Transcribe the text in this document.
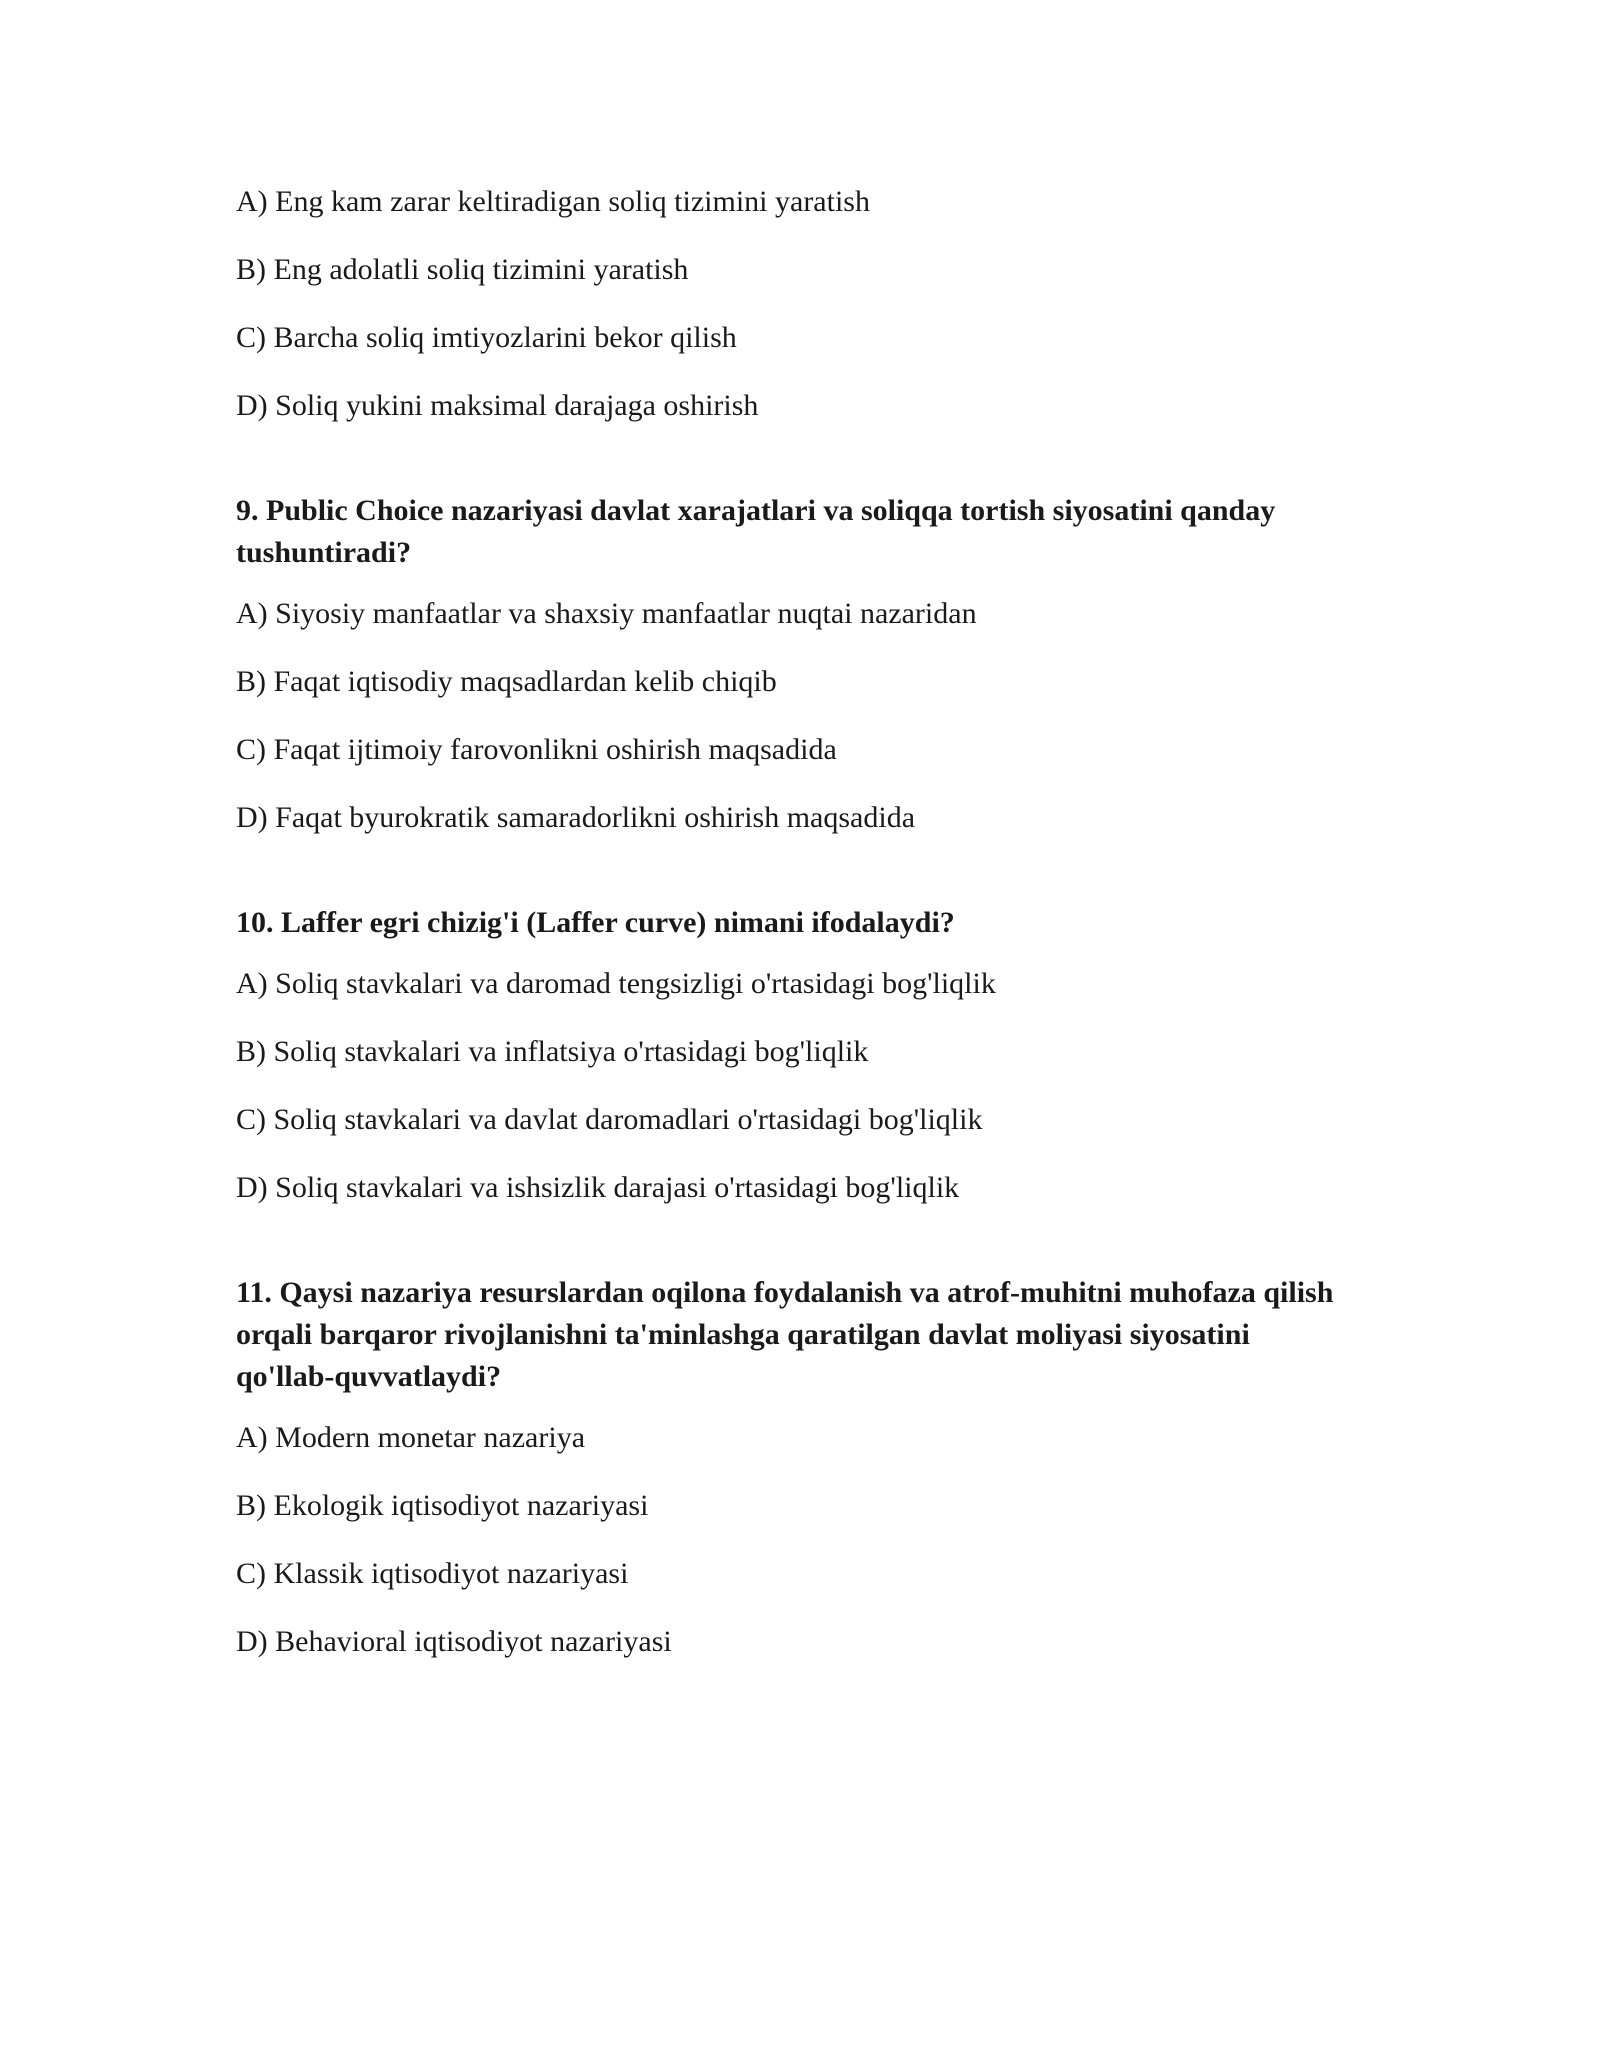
A) Eng kam zarar keltiradigan soliq tizimini yaratish
B) Eng adolatli soliq tizimini yaratish
C) Barcha soliq imtiyozlarini bekor qilish
D) Soliq yukini maksimal darajaga oshirish
9. Public Choice nazariyasi davlat xarajatlari va soliqqa tortish siyosatini qanday tushuntiradi?
A) Siyosiy manfaatlar va shaxsiy manfaatlar nuqtai nazaridan
B) Faqat iqtisodiy maqsadlardan kelib chiqib
C) Faqat ijtimoiy farovonlikni oshirish maqsadida
D) Faqat byurokratik samaradorlikni oshirish maqsadida
10. Laffer egri chizig'i (Laffer curve) nimani ifodalaydi?
A) Soliq stavkalari va daromad tengsizligi o'rtasidagi bog'liqlik
B) Soliq stavkalari va inflatsiya o'rtasidagi bog'liqlik
C) Soliq stavkalari va davlat daromadlari o'rtasidagi bog'liqlik
D) Soliq stavkalari va ishsizlik darajasi o'rtasidagi bog'liqlik
11. Qaysi nazariya resurslardan oqilona foydalanish va atrof-muhitni muhofaza qilish orqali barqaror rivojlanishni ta'minlashga qaratilgan davlat moliyasi siyosatini qo'llab-quvvatlaydi?
A) Modern monetar nazariya
B) Ekologik iqtisodiyot nazariyasi
C) Klassik iqtisodiyot nazariyasi
D) Behavioral iqtisodiyot nazariyasi
